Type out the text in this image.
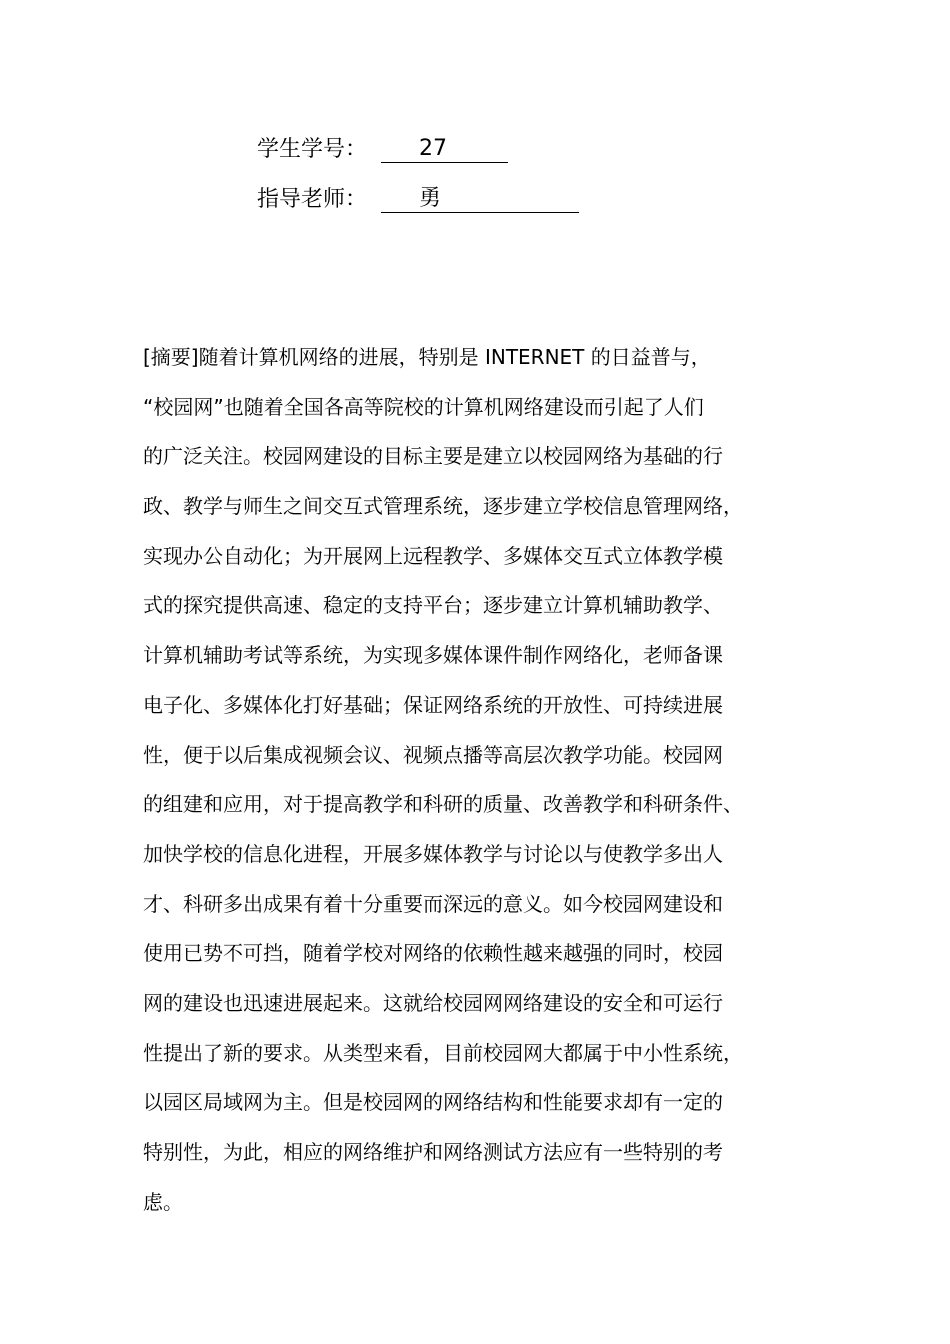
学生学号： 27
指导老师： 勇
[摘要]随着计算机网络的进展，特别是 INTERNET 的日益普与，
“校园网”也随着全国各高等院校的计算机网络建设而引起了人们
的广泛关注。校园网建设的目标主要是建立以校园网络为基础的行
政、教学与师生之间交互式管理系统，逐步建立学校信息管理网络，
实现办公自动化；为开展网上远程教学、多媒体交互式立体教学模
式的探究提供高速、稳定的支持平台；逐步建立计算机辅助教学、
计算机辅助考试等系统，为实现多媒体课件制作网络化，老师备课
电子化、多媒体化打好基础；保证网络系统的开放性、可持续进展
性，便于以后集成视频会议、视频点播等高层次教学功能。校园网
的组建和应用，对于提高教学和科研的质量、改善教学和科研条件、
加快学校的信息化进程，开展多媒体教学与讨论以与使教学多出人
才、科研多出成果有着十分重要而深远的意义。如今校园网建设和
使用已势不可挡，随着学校对网络的依赖性越来越强的同时，校园
网的建设也迅速进展起来。这就给校园网网络建设的安全和可运行
性提出了新的要求。从类型来看，目前校园网大都属于中小性系统，
以园区局域网为主。但是校园网的网络结构和性能要求却有一定的
特别性，为此，相应的网络维护和网络测试方法应有一些特别的考
虑。
